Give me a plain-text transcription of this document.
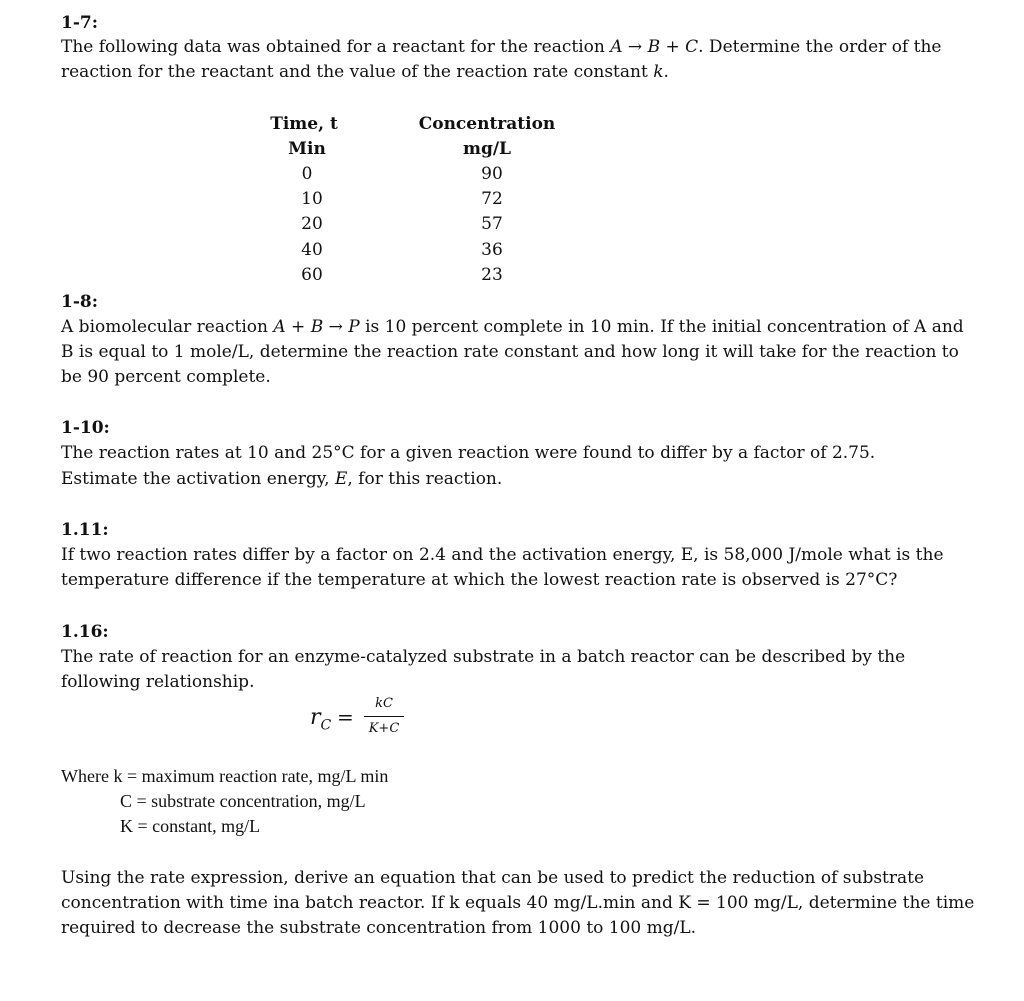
1-7:
The following data was obtained for a reactant for the reaction A → B + C. Determine the order of the
reaction for the reactant and the value of the reaction rate constant k.
Time, t
Min
Concentration
mg/L
0
10
20
40
60
90
72
57
36
23
1-8:
A biomolecular reaction A + B → P is 10 percent complete in 10 min. If the initial concentration of A and
B is equal to 1 mole/L, determine the reaction rate constant and how long it will take for the reaction to
be 90 percent complete.
1-10:
The reaction rates at 10 and 25°C for a given reaction were found to differ by a factor of 2.75.
Estimate the activation energy, E, for this reaction.
1.11:
If two reaction rates differ by a factor on 2.4 and the activation energy, E, is 58,000 J/mole what is the
temperature difference if the temperature at which the lowest reaction rate is observed is 27°C?
1.16:
The rate of reaction for an enzyme-catalyzed substrate in a batch reactor can be described by the
following relationship.
$r_C$ =
kC
K+C
Where k = maximum reaction rate, mg/L min
C = substrate concentration, mg/L
K = constant, mg/L
Using the rate expression, derive an equation that can be used to predict the reduction of substrate
concentration with time ina batch reactor. If k equals 40 mg/L.min and K = 100 mg/L, determine the time
required to decrease the substrate concentration from 1000 to 100 mg/L.
